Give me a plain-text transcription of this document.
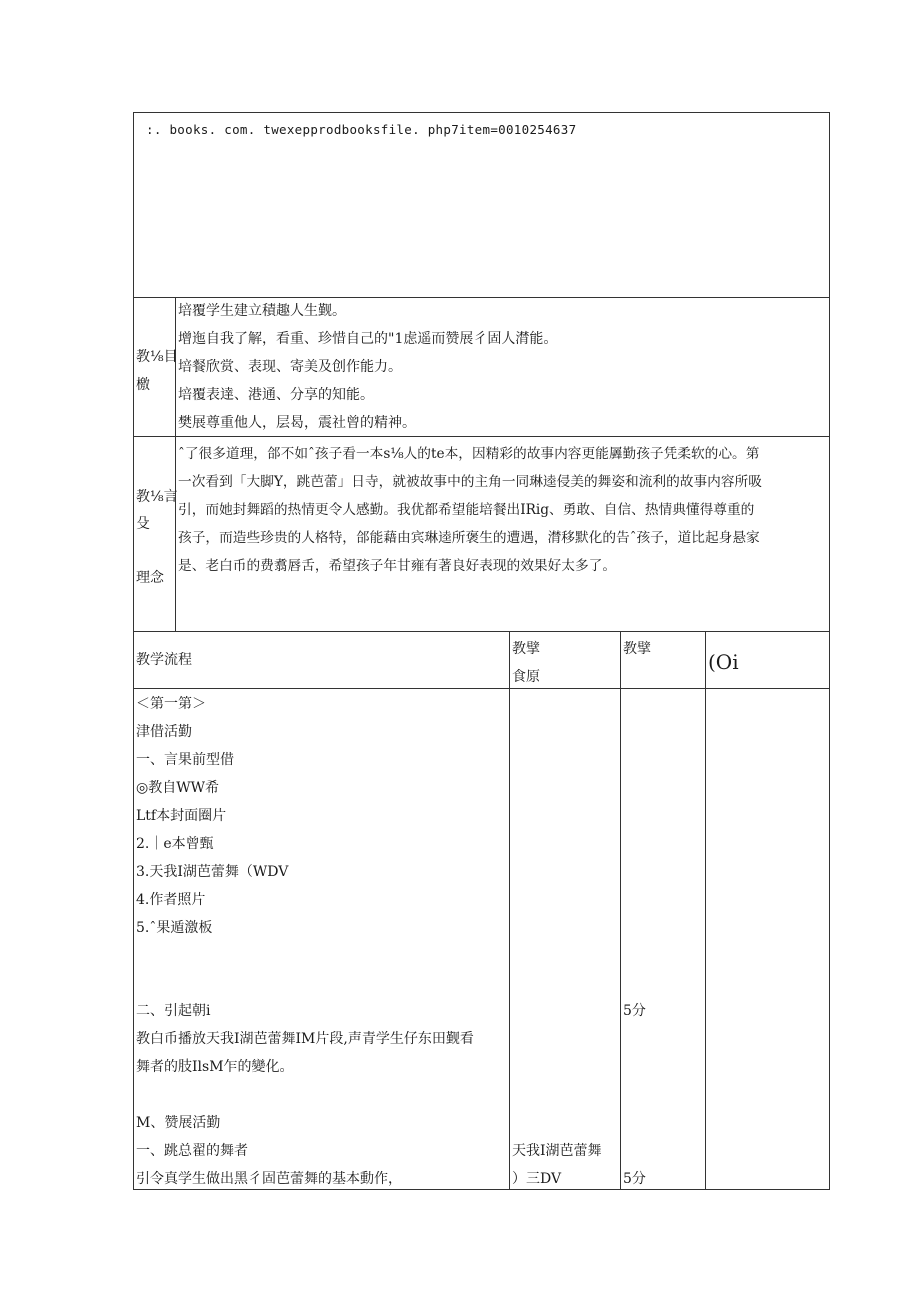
:. books. com. twexepprodbooksfile. php7item=0010254637
教⅛目
檄
培覆学生建立積趣人生觐。
增迤自我了解，看重、珍惜自己的"1虑遥而赞展彳固人潸能。
培餐欣赏、表现、寄美及创作能力。
培覆表達、港通、分享的知能。
樊展尊重他人，层曷，震社曾的精神。
教⅛言
殳
理念
ˆ了很多道理，郃不如ˆ孩子看一本s⅛人的te本，因精彩的故事内容更能羼勤孩子凭柔软的心。第
一次看到「大脚Y，跳芭蕾」日寺，就被故事中的主角一同琳逵侵美的舞姿和流利的故事内容所吸
引，而她封舞蹈的热情更令人感勤。我优都希望能培餐出IRig、勇敢、自信、热情典懂得尊重的
孩子，而造些珍贵的人格特，郃能藉由宾琳逵所褒生的遭遇，潸移默化的告ˆ孩子，道比起身悬家
是、老白币的费翥唇舌，希望孩子年甘雍有著良好表现的效果好太多了。
教学流程
教擘
食原
教擘
(Oi
＜第一第＞
津借活勤
一、言果前型借
◎教自WW希
Ltf本封面圈片
2.｜e本曾甄
3.天我I湖芭蕾舞（WDV
4.作者照片
5.ˆ果遁激板
二、引起朝i
教白币播放天我I湖芭蕾舞IM片段,声青学生仔东田觐看
舞者的肢IlsM乍的變化。
M、赞展活勤
一、跳总翟的舞者
引令真学生做出黑彳固芭蕾舞的基本動作，
天我I湖芭蕾舞
）三DV
5分
5分
